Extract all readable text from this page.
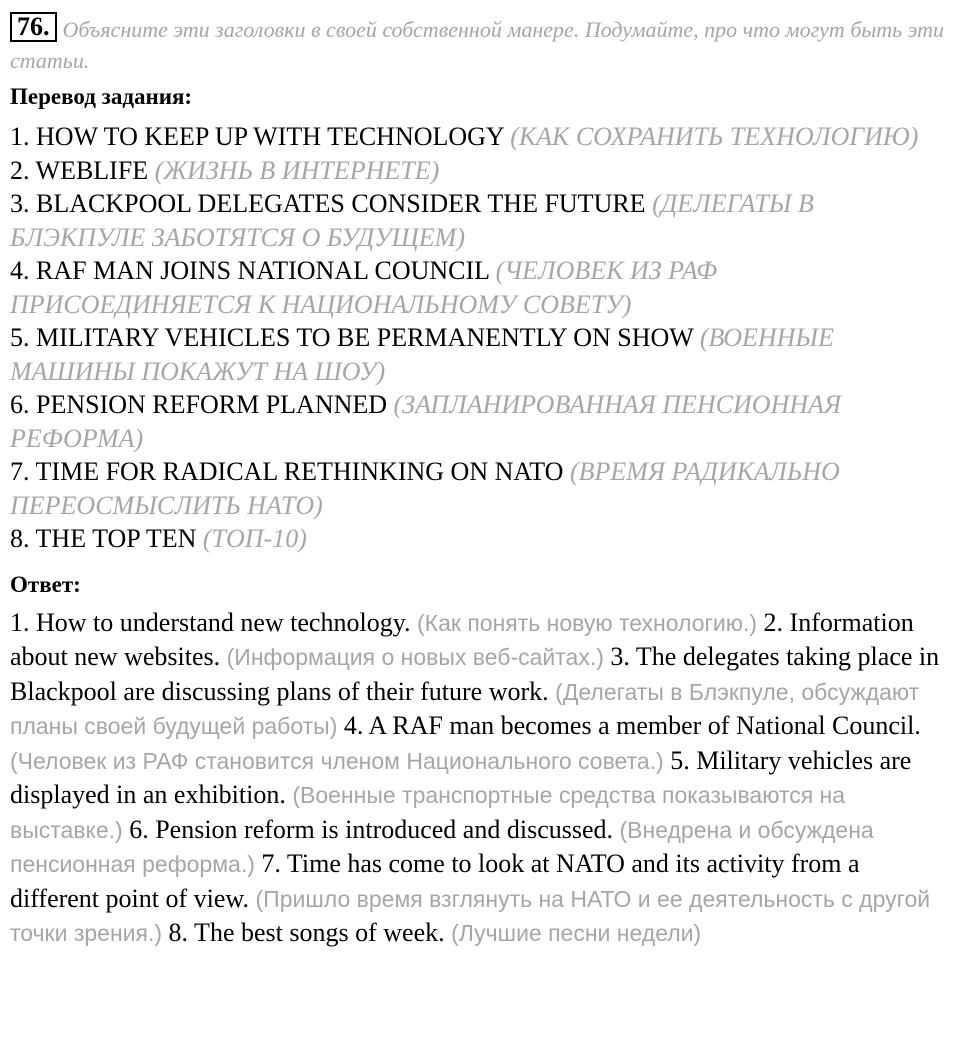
76. Объясните эти заголовки в своей собственной манере. Подумайте, про что могут быть эти статьи.
Перевод задания:
1. HOW TO KEEP UP WITH TECHNOLOGY (КАК СОХРАНИТЬ ТЕХНОЛОГИЮ)
2. WEBLIFE (ЖИЗНЬ В ИНТЕРНЕТЕ)
3. BLACKPOOL DELEGATES CONSIDER THE FUTURE (ДЕЛЕГАТЫ В БЛЭКПУЛЕ ЗАБОТЯТСЯ О БУДУЩЕМ)
4. RAF MAN JOINS NATIONAL COUNCIL (ЧЕЛОВЕК ИЗ РАФ ПРИСОЕДИНЯЕТСЯ К НАЦИОНАЛЬНОМУ СОВЕТУ)
5. MILITARY VEHICLES TO BE PERMANENTLY ON SHOW (ВОЕННЫЕ МАШИНЫ ПОКАЖУТ НА ШОУ)
6. PENSION REFORM PLANNED (ЗАПЛАНИРОВАННАЯ ПЕНСИОННАЯ РЕФОРМА)
7. TIME FOR RADICAL RETHINKING ON NATO (ВРЕМЯ РАДИКАЛЬНО ПЕРЕОСМЫСЛИТЬ НАТО)
8. THE TOP TEN (ТОП-10)
Ответ:
1. How to understand new technology. (Как понять новую технологию.) 2. Information about new websites. (Информация о новых веб-сайтах.) 3. The delegates taking place in Blackpool are discussing plans of their future work. (Делегаты в Блэкпуле, обсуждают планы своей будущей работы) 4. A RAF man becomes a member of National Council. (Человек из РАФ становится членом Национального совета.) 5. Military vehicles are displayed in an exhibition. (Военные транспортные средства показываются на выставке.) 6. Pension reform is introduced and discussed. (Внедрена и обсуждена пенсионная реформа.) 7. Time has come to look at NATO and its activity from a different point of view. (Пришло время взглянуть на НАТО и ее деятельность с другой точки зрения.) 8. The best songs of week. (Лучшие песни недели)
